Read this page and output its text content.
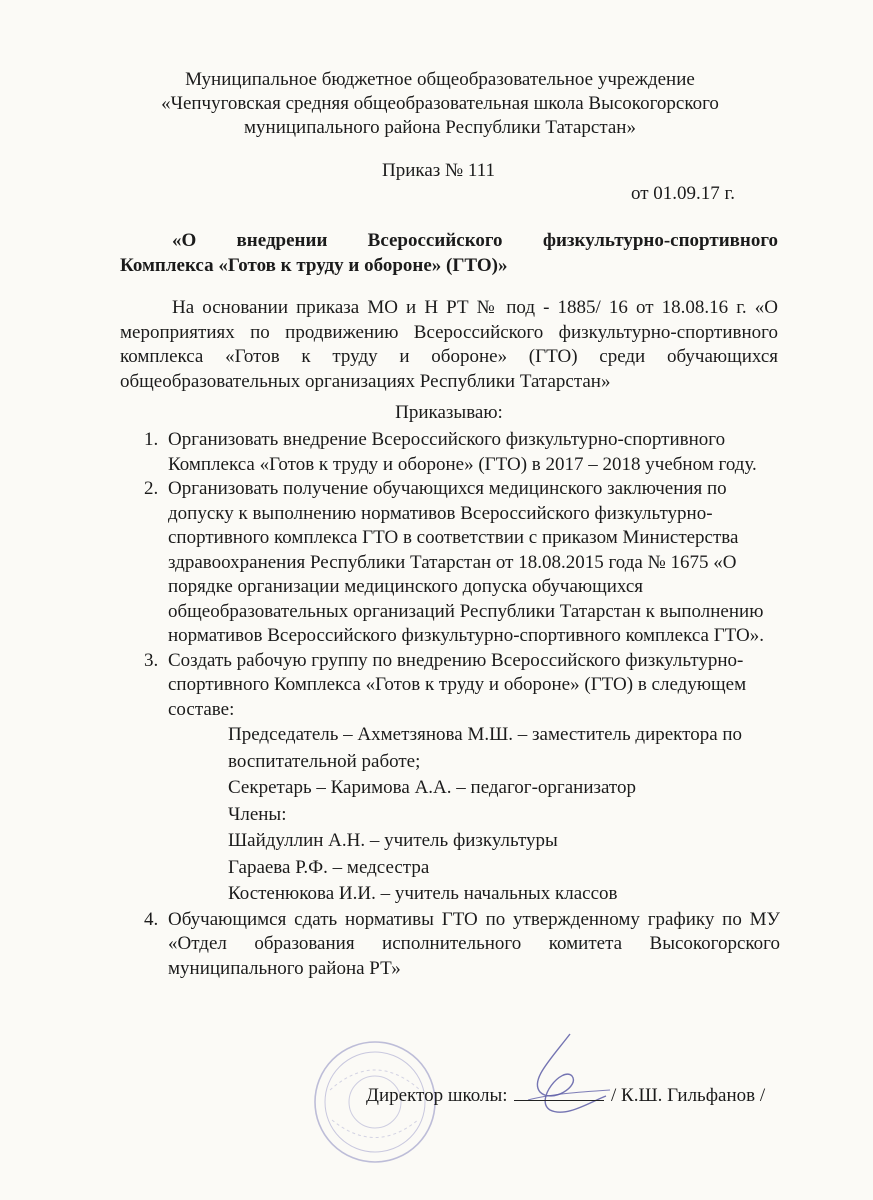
Муниципальное бюджетное общеобразовательное учреждение
«Чепчуговская средняя общеобразовательная школа Высокогорского
муниципального района Республики Татарстан»
Приказ № 111
от 01.09.17 г.
«О внедрении Всероссийского физкультурно-спортивного
Комплекса «Готов к труду и обороне» (ГТО)»
На основании приказа МО и Н РТ № под - 1885/ 16 от 18.08.16 г. «О мероприятиях по продвижению Всероссийского физкультурно-спортивного комплекса «Готов к труду и обороне» (ГТО) среди обучающихся общеобразовательных организациях Республики Татарстан»
Приказываю:
1. Организовать внедрение Всероссийского физкультурно-спортивного Комплекса «Готов к труду и обороне» (ГТО) в 2017 – 2018 учебном году.
2. Организовать получение обучающихся медицинского заключения по допуску к выполнению нормативов Всероссийского физкультурно-спортивного комплекса ГТО в соответствии с приказом Министерства здравоохранения Республики Татарстан от 18.08.2015 года № 1675 «О порядке организации медицинского допуска обучающихся общеобразовательных организаций Республики Татарстан к выполнению нормативов Всероссийского физкультурно-спортивного комплекса ГТО».
3. Создать рабочую группу по внедрению Всероссийского физкультурно-спортивного Комплекса «Готов к труду и обороне» (ГТО) в следующем составе:
Председатель – Ахметзянова М.Ш. – заместитель директора по воспитательной работе;
Секретарь – Каримова А.А. – педагог-организатор
Члены:
Шайдуллин А.Н. – учитель физкультуры
Гараева Р.Ф. – медсестра
Костенюкова И.И. – учитель начальных классов
4. Обучающимся сдать нормативы ГТО по утвержденному графику по МУ «Отдел образования исполнительного комитета Высокогорского муниципального района РТ»
Директор школы:	/ К.Ш. Гильфанов /
